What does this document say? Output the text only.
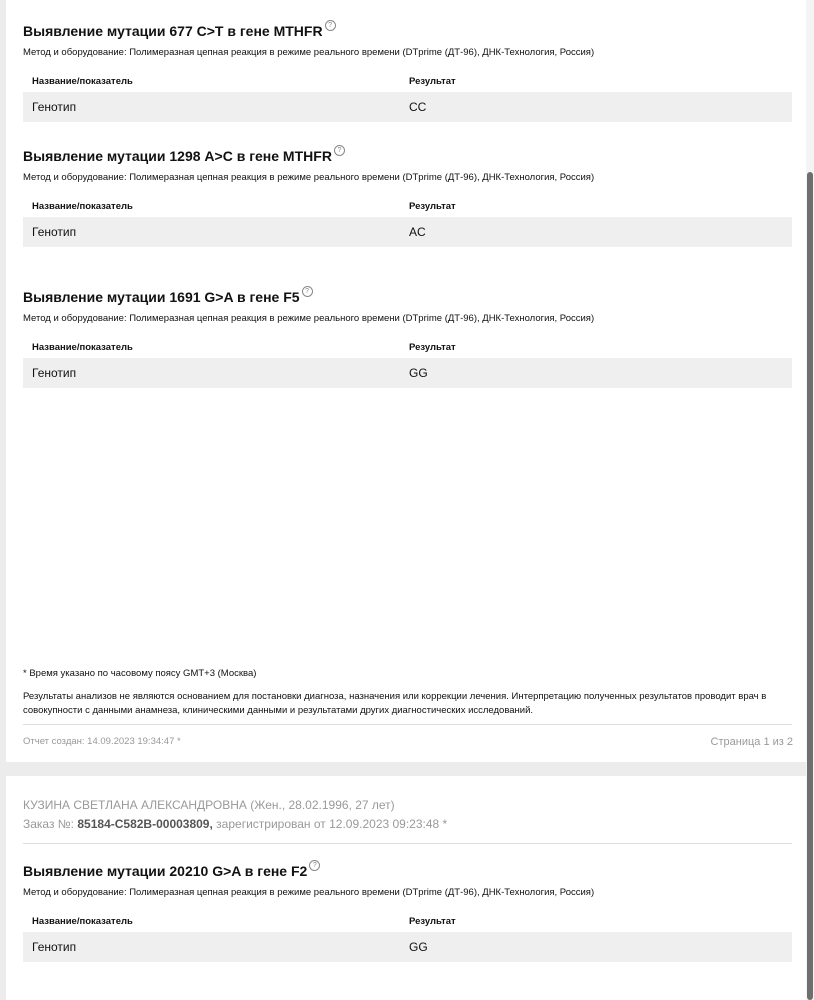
Выявление мутации 677 C>T в гене MTHFR ?
Метод и оборудование: Полимеразная цепная реакция в режиме реального времени (DTprime (ДТ-96), ДНК-Технология, Россия)
Название/показатель	Результат
Генотип	CC
Выявление мутации 1298 A>C в гене MTHFR ?
Метод и оборудование: Полимеразная цепная реакция в режиме реального времени (DTprime (ДТ-96), ДНК-Технология, Россия)
Название/показатель	Результат
Генотип	AC
Выявление мутации 1691 G>A в гене F5 ?
Метод и оборудование: Полимеразная цепная реакция в режиме реального времени (DTprime (ДТ-96), ДНК-Технология, Россия)
Название/показатель	Результат
Генотип	GG
* Время указано по часовому поясу GMT+3 (Москва)
Результаты анализов не являются основанием для постановки диагноза, назначения или коррекции лечения. Интерпретацию полученных результатов проводит врач в совокупности с данными анамнеза, клиническими данными и результатами других диагностических исследований.
Отчет создан: 14.09.2023 19:34:47 *	Страница 1 из 2
КУЗИНА СВЕТЛАНА АЛЕКСАНДРОВНА (Жен., 28.02.1996, 27 лет)
Заказ №: 85184-C582B-00003809, зарегистрирован от 12.09.2023 09:23:48 *
Выявление мутации 20210 G>A в гене F2 ?
Метод и оборудование: Полимеразная цепная реакция в режиме реального времени (DTprime (ДТ-96), ДНК-Технология, Россия)
Название/показатель	Результат
Генотип	GG
